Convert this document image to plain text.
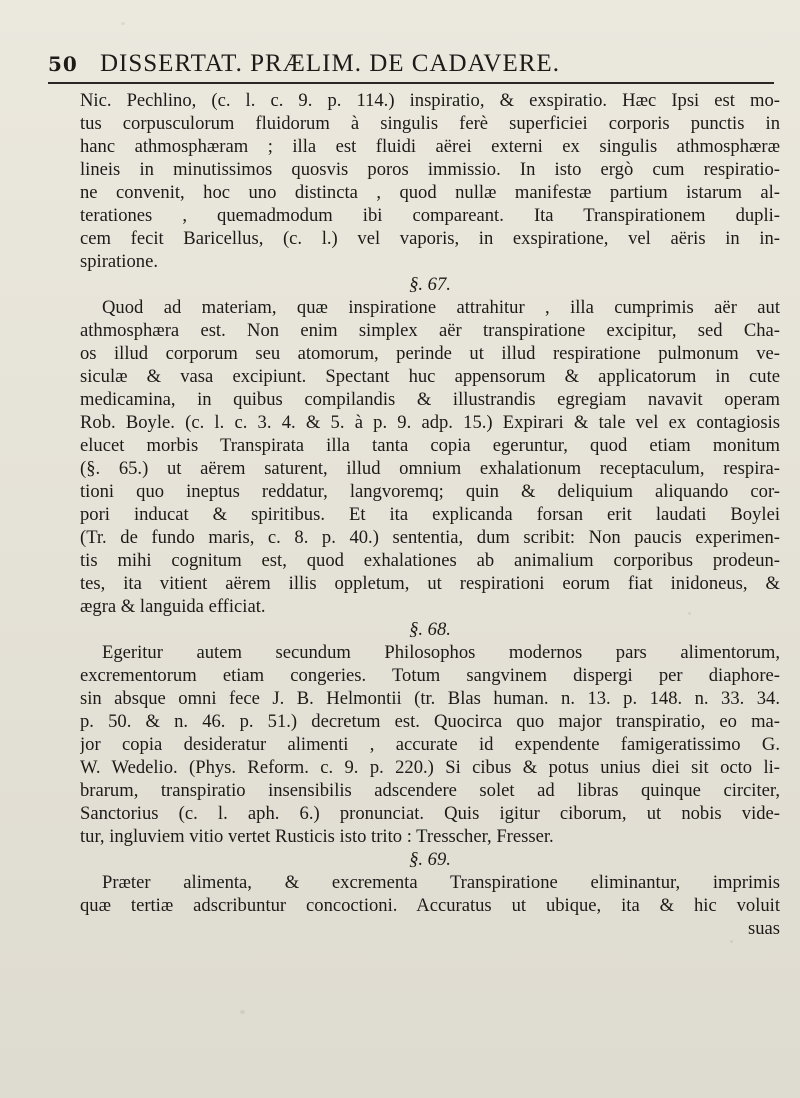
50 DISSERTAT. PRÆLIM. DE CADAVERE.
Nic. Pechlino, (c. l. c. 9. p. 114.) inspiratio, & exspiratio. Hæc Ipsi est mo-
tus corpusculorum fluidorum à singulis ferè superficiei corporis punctis in
hanc athmosphæram ; illa est fluidi aërei externi ex singulis athmosphæræ
lineis in minutissimos quosvis poros immissio. In isto ergò cum respiratio-
ne convenit, hoc uno distincta , quod nullæ manifestæ partium istarum al-
terationes , quemadmodum ibi compareant. Ita Transpirationem dupli-
cem fecit Baricellus, (c. l.) vel vaporis, in exspiratione, vel aëris in in-
spiratione.
§. 67.
Quod ad materiam, quæ inspiratione attrahitur , illa cumprimis aër aut
athmosphæra est. Non enim simplex aër transpiratione excipitur, sed Cha-
os illud corporum seu atomorum, perinde ut illud respiratione pulmonum ve-
siculæ & vasa excipiunt. Spectant huc appensorum & applicatorum in cute
medicamina, in quibus compilandis & illustrandis egregiam navavit operam
Rob. Boyle. (c. l. c. 3. 4. & 5. à p. 9. adp. 15.) Expirari & tale vel ex contagiosis
elucet morbis Transpirata illa tanta copia egeruntur, quod etiam monitum
(§. 65.) ut aërem saturent, illud omnium exhalationum receptaculum, respira-
tioni quo ineptus reddatur, langvoremq; quin & deliquium aliquando cor-
pori inducat & spiritibus. Et ita explicanda forsan erit laudati Boylei
(Tr. de fundo maris, c. 8. p. 40.) sententia, dum scribit: Non paucis experimen-
tis mihi cognitum est, quod exhalationes ab animalium corporibus prodeun-
tes, ita vitient aërem illis oppletum, ut respirationi eorum fiat inidoneus, &
ægra & languida efficiat.
§. 68.
Egeritur autem secundum Philosophos modernos pars alimentorum,
excrementorum etiam congeries. Totum sangvinem dispergi per diaphore-
sin absque omni fece J. B. Helmontii (tr. Blas human. n. 13. p. 148. n. 33. 34.
p. 50. & n. 46. p. 51.) decretum est. Quocirca quo major transpiratio, eo ma-
jor copia desideratur alimenti , accurate id expendente famigeratissimo G.
W. Wedelio. (Phys. Reform. c. 9. p. 220.) Si cibus & potus unius diei sit octo li-
brarum, transpiratio insensibilis adscendere solet ad libras quinque circiter,
Sanctorius (c. l. aph. 6.) pronunciat. Quis igitur ciborum, ut nobis vide-
tur, ingluviem vitio vertet Rusticis isto trito : Tresscher, Fresser.
§. 69.
Præter alimenta, & excrementa Transpiratione eliminantur, imprimis
quæ tertiæ adscribuntur concoctioni. Accuratus ut ubique, ita & hic voluit
suas
